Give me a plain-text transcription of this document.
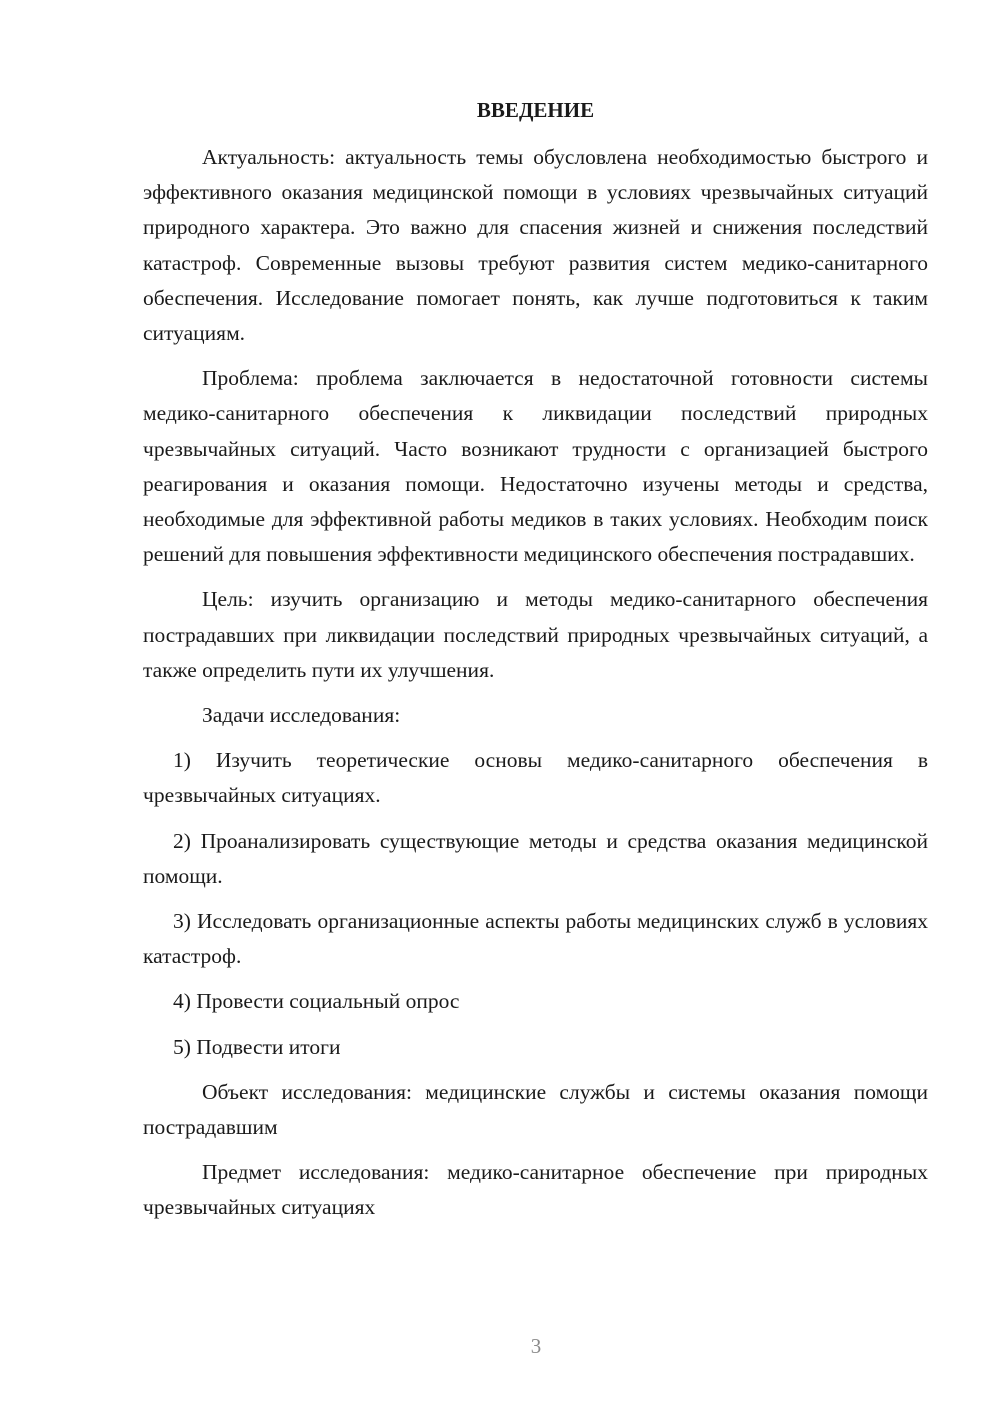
ВВЕДЕНИЕ

Актуальность: актуальность темы обусловлена необходимостью быстрого и эффективного оказания медицинской помощи в условиях чрезвычайных ситуаций природного характера. Это важно для спасения жизней и снижения последствий катастроф. Современные вызовы требуют развития систем медико-санитарного обеспечения. Исследование помогает понять, как лучше подготовиться к таким ситуациям.

Проблема: проблема заключается в недостаточной готовности системы медико-санитарного обеспечения к ликвидации последствий природных чрезвычайных ситуаций. Часто возникают трудности с организацией быстрого реагирования и оказания помощи. Недостаточно изучены методы и средства, необходимые для эффективной работы медиков в таких условиях. Необходим поиск решений для повышения эффективности медицинского обеспечения пострадавших.

Цель: изучить организацию и методы медико-санитарного обеспечения пострадавших при ликвидации последствий природных чрезвычайных ситуаций, а также определить пути их улучшения.

Задачи исследования:

1) Изучить теоретические основы медико-санитарного обеспечения в чрезвычайных ситуациях.

2) Проанализировать существующие методы и средства оказания медицинской помощи.

3) Исследовать организационные аспекты работы медицинских служб в условиях катастроф.

4) Провести социальный опрос

5) Подвести итоги

Объект исследования: медицинские службы и системы оказания помощи пострадавшим

Предмет исследования: медико-санитарное обеспечение при природных чрезвычайных ситуациях

3
